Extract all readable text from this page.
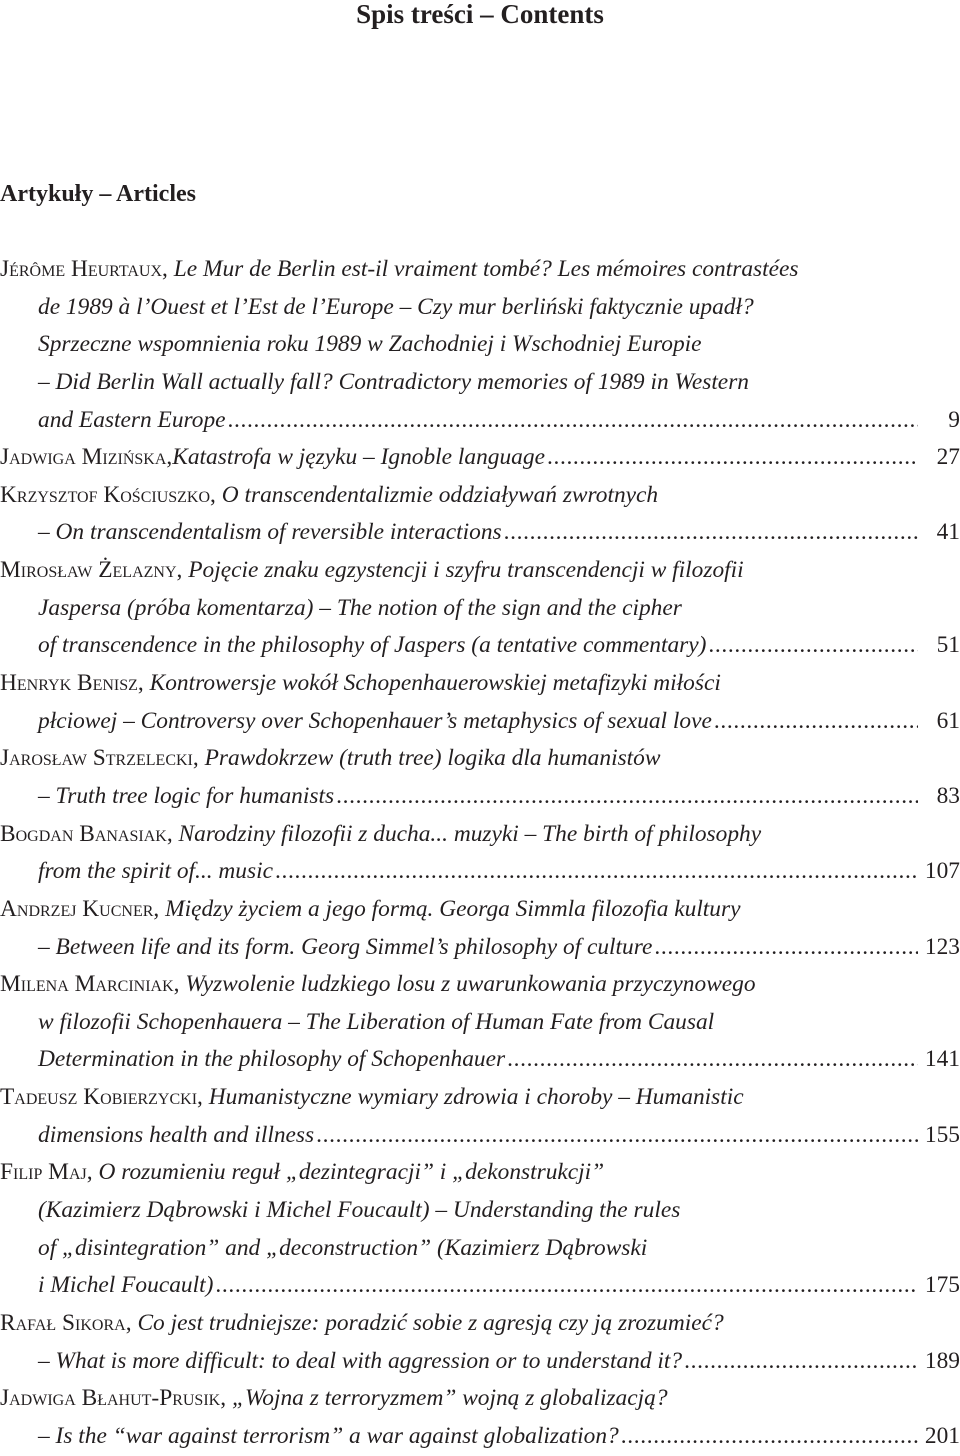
Spis treści – Contents
Artykuły – Articles
Jérôme Heurtaux, Le Mur de Berlin est-il vraiment tombé? Les mémoires contrastées
de 1989 à l’Ouest et l’Est de l’Europe – Czy mur berliński faktycznie upadł?
Sprzeczne wspomnienia roku 1989 w Zachodniej i Wschodniej Europie
– Did Berlin Wall actually fall? Contradictory memories of 1989 in Western
and Eastern Europe . . .	9
Jadwiga Mizińska, Katastrofa w języku – Ignoble language . . .	27
Krzysztof Kościuszko, O transcendentalizmie oddziaływań zwrotnych
– On transcendentalism of reversible interactions . . .	41
Mirosław Żelazny, Pojęcie znaku egzystencji i szyfru transcendencji w filozofii
Jaspersa (próba komentarza) – The notion of the sign and the cipher
of transcendence in the philosophy of Jaspers (a tentative commentary) . . .	51
Henryk Benisz, Kontrowersje wokół Schopenhauerowskiej metafizyki miłości
płciowej – Controversy over Schopenhauer’s metaphysics of sexual love . . .	61
Jarosław Strzelecki, Prawdokrzew (truth tree) logika dla humanistów
– Truth tree logic for humanists . . .	83
Bogdan Banasiak, Narodziny filozofii z ducha... muzyki – The birth of philosophy
from the spirit of... music . . .	107
Andrzej Kucner, Między życiem a jego formą. Georga Simmla filozofia kultury
– Between life and its form. Georg Simmel’s philosophy of culture . . .	123
Milena Marciniak, Wyzwolenie ludzkiego losu z uwarunkowania przyczynowego
w filozofii Schopenhauera – The Liberation of Human Fate from Causal
Determination in the philosophy of Schopenhauer . . .	141
Tadeusz Kobierzycki, Humanistyczne wymiary zdrowia i choroby – Humanistic
dimensions health and illness . . .	155
Filip Maj, O rozumieniu reguł „dezintegracji” i „dekonstrukcji”
(Kazimierz Dąbrowski i Michel Foucault) – Understanding the rules
of „disintegration” and „deconstruction” (Kazimierz Dąbrowski
i Michel Foucault) . . .	175
Rafał Sikora, Co jest trudniejsze: poradzić sobie z agresją czy ją zrozumieć?
– What is more difficult: to deal with aggression or to understand it? . . .	189
Jadwiga Błahut-Prusik, „Wojna z terroryzmem” wojną z globalizacją?
– Is the “war against terrorism” a war against globalization? . . .	201
